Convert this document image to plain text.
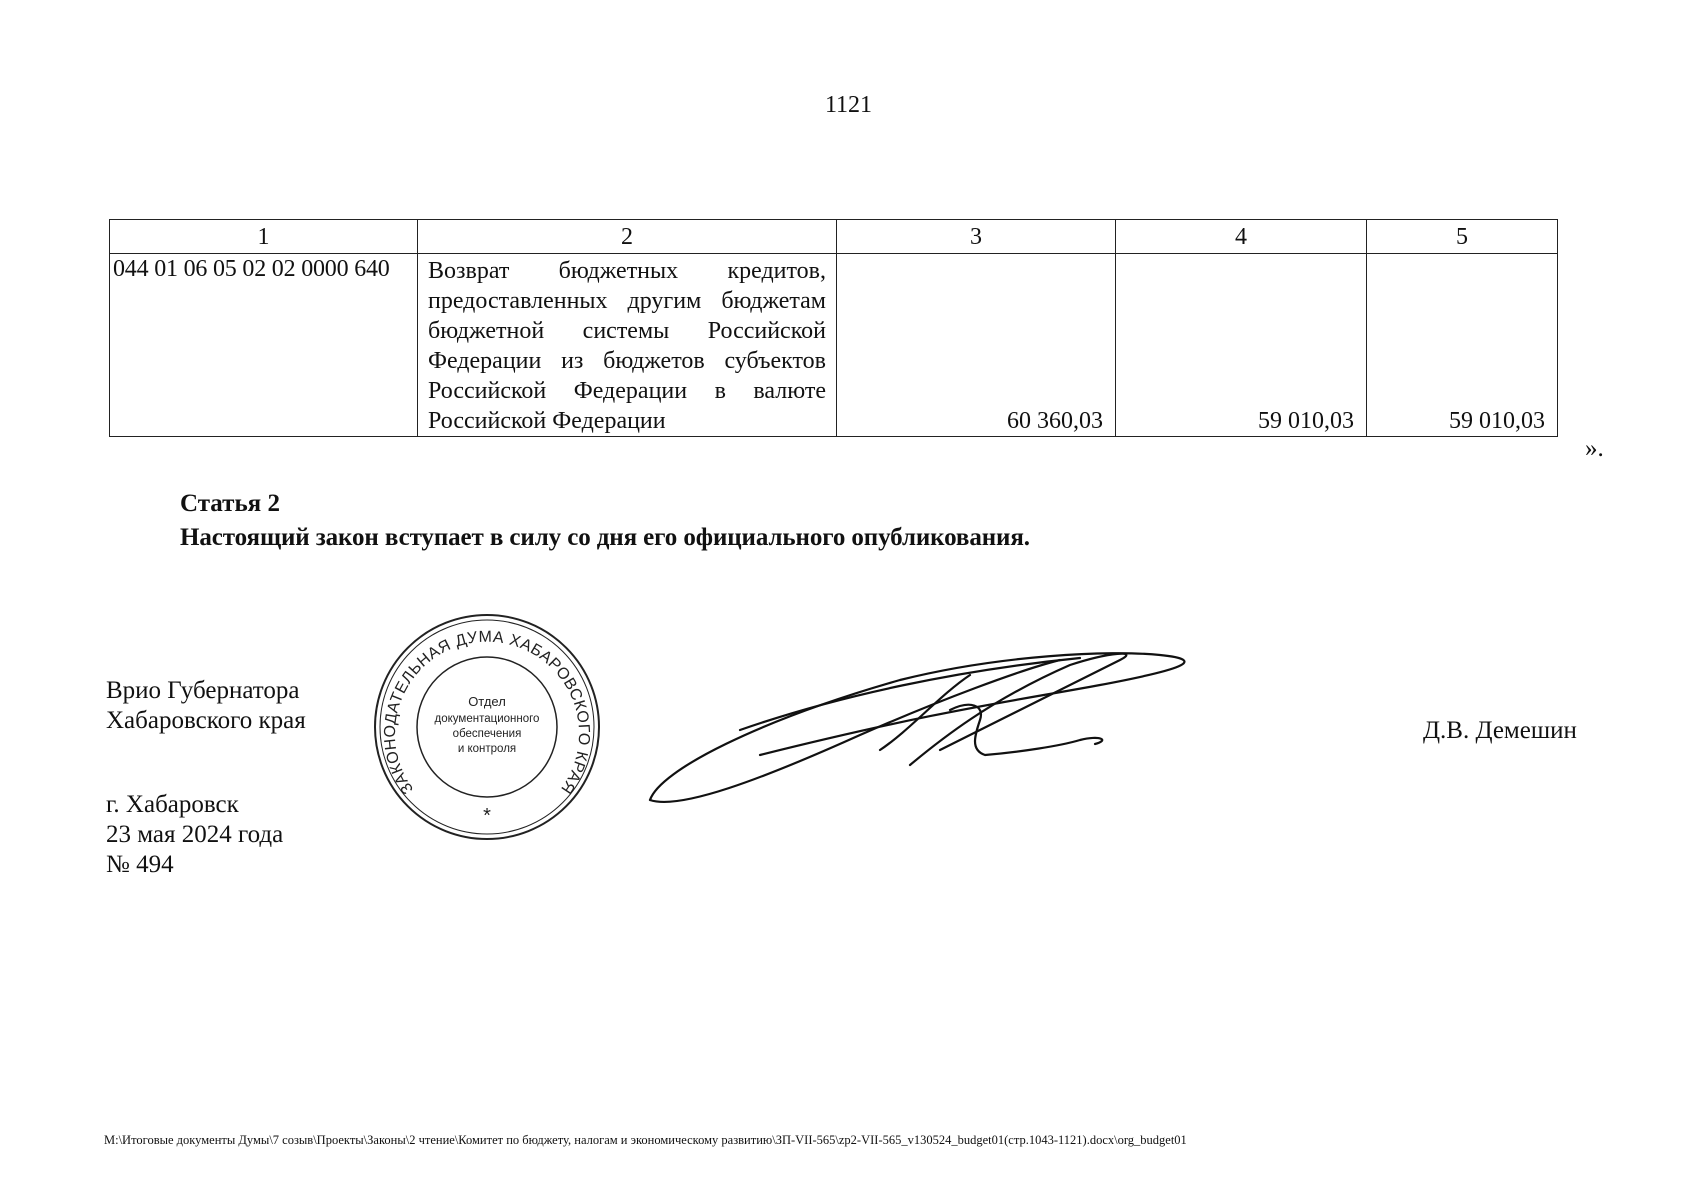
1121
1	2	3	4	5
044 01 06 05 02 02 0000 640	Возврат бюджетных кредитов, предоставленных другим бюджетам бюджетной системы Российской Федерации из бюджетов субъектов Российской Федерации в валюте Российской Федерации	60 360,03	59 010,03	59 010,03
».
Статья 2
Настоящий закон вступает в силу со дня его официального опубликования.
Врио Губернатора
Хабаровского края
г. Хабаровск
23 мая 2024 года
№ 494
Д.В. Демешин
ЗАКОНОДАТЕЛЬНАЯ ДУМА ХАБАРОВСКОГО КРАЯ
Отдел
документационного
обеспечения
и контроля
*
M:\Итоговые документы Думы\7 созыв\Проекты\Законы\2 чтение\Комитет по бюджету, налогам и экономическому развитию\ЗП-VII-565\zp2-VII-565_v130524_budget01(стр.1043-1121).docx\org_budget01
